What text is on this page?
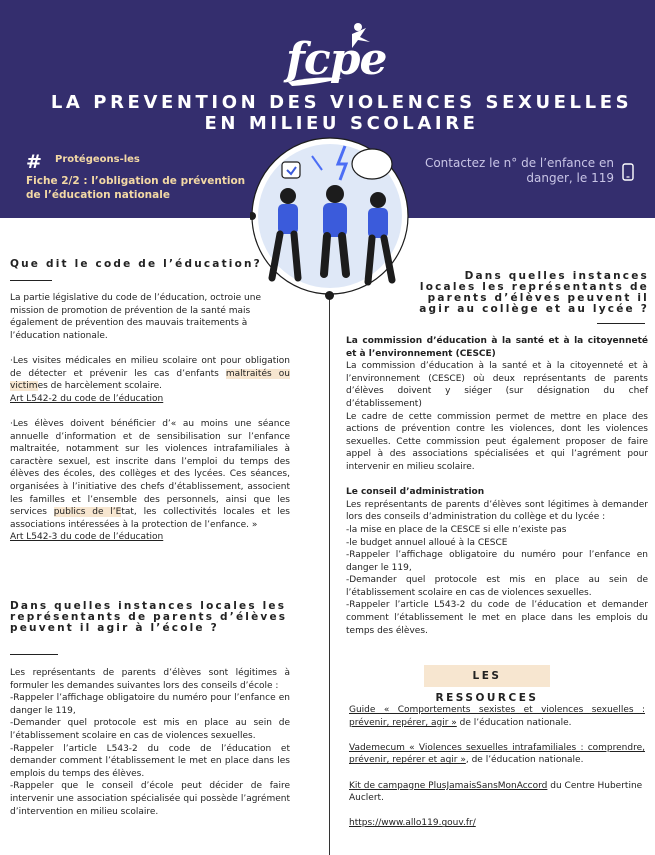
fcpe
LA PREVENTION DES VIOLENCES SEXUELLES
EN MILIEU SCOLAIRE
# Protégeons-les
Fiche 2/2 : l’obligation de prévention de l’éducation nationale
Contactez le n° de l’enfance en danger, le 119
Que dit le code de l’éducation?

La partie législative du code de l’éducation, octroie une mission de promotion de prévention de la santé mais également de prévention des mauvais traitements à l’éducation nationale.

·Les visites médicales en milieu scolaire ont pour obligation de détecter et prévenir les cas d’enfants maltraités ou victimes de harcèlement scolaire.

Art L542-2 du code de l’éducation

·Les élèves doivent bénéficier d’« au moins une séance annuelle d’information et de sensibilisation sur l’enfance maltraitée, notamment sur les violences intrafamiliales à caractère sexuel, est inscrite dans l’emploi du temps des élèves des écoles, des collèges et des lycées. Ces séances, organisées à l’initiative des chefs d’établissement, associent les familles et l’ensemble des personnels, ainsi que les services publics de l’Etat, les collectivités locales et les associations intéressées à la protection de l’enfance. »

Art L542-3 du code de l’éducation

Dans quelles instances locales les représentants de parents d’élèves peuvent il agir à l’école ?

Les représentants de parents d’élèves sont légitimes à formuler les demandes suivantes lors des conseils d’école :

-Rappeler l’affichage obligatoire du numéro pour l’enfance en danger le 119,

-Demander quel protocole est mis en place au sein de l’établissement scolaire en cas de violences sexuelles.

-Rappeler l’article L543-2 du code de l’éducation et demander comment l’établissement le met en place dans les emplois du temps des élèves.

-Rappeler que le conseil d’école peut décider de faire intervenir une association spécialisée qui possède l’agrément d’intervention en milieu scolaire.

Dans quelles instances locales les représentants de parents d’élèves peuvent il agir au collège et au lycée ?

La commission d’éducation à la santé et à la citoyenneté et à l’environnement (CESCE)

La commission d’éducation à la santé et à la citoyenneté et à l’environnement (CESCE) où deux représentants de parents d’élèves doivent y siéger (sur désignation du chef d’établissement)

Le cadre de cette commission permet de mettre en place des actions de prévention contre les violences, dont les violences sexuelles. Cette commission peut également proposer de faire appel à des associations spécialisées et qui l’agrément pour intervenir en milieu scolaire.

Le conseil d’administration

Les représentants de parents d’élèves sont légitimes à demander lors des conseils d’administration du collège et du lycée :

-la mise en place de la CESCE si elle n’existe pas

-le budget annuel alloué à la CESCE

-Rappeler l’affichage obligatoire du numéro pour l’enfance en danger le 119,

-Demander quel protocole est mis en place au sein de l’établissement scolaire en cas de violences sexuelles.

-Rappeler l’article L543-2 du code de l’éducation et demander comment l’établissement le met en place dans les emplois du temps des élèves.

LES RESSOURCES

Guide « Comportements sexistes et violences sexuelles : prévenir, repérer, agir » de l’éducation nationale.

Vademecum « Violences sexuelles intrafamiliales : comprendre, prévenir, repérer et agir », de l’éducation nationale.

Kit de campagne PlusJamaisSansMonAccord du Centre Hubertine Auclert.

https://www.allo119.gouv.fr/
